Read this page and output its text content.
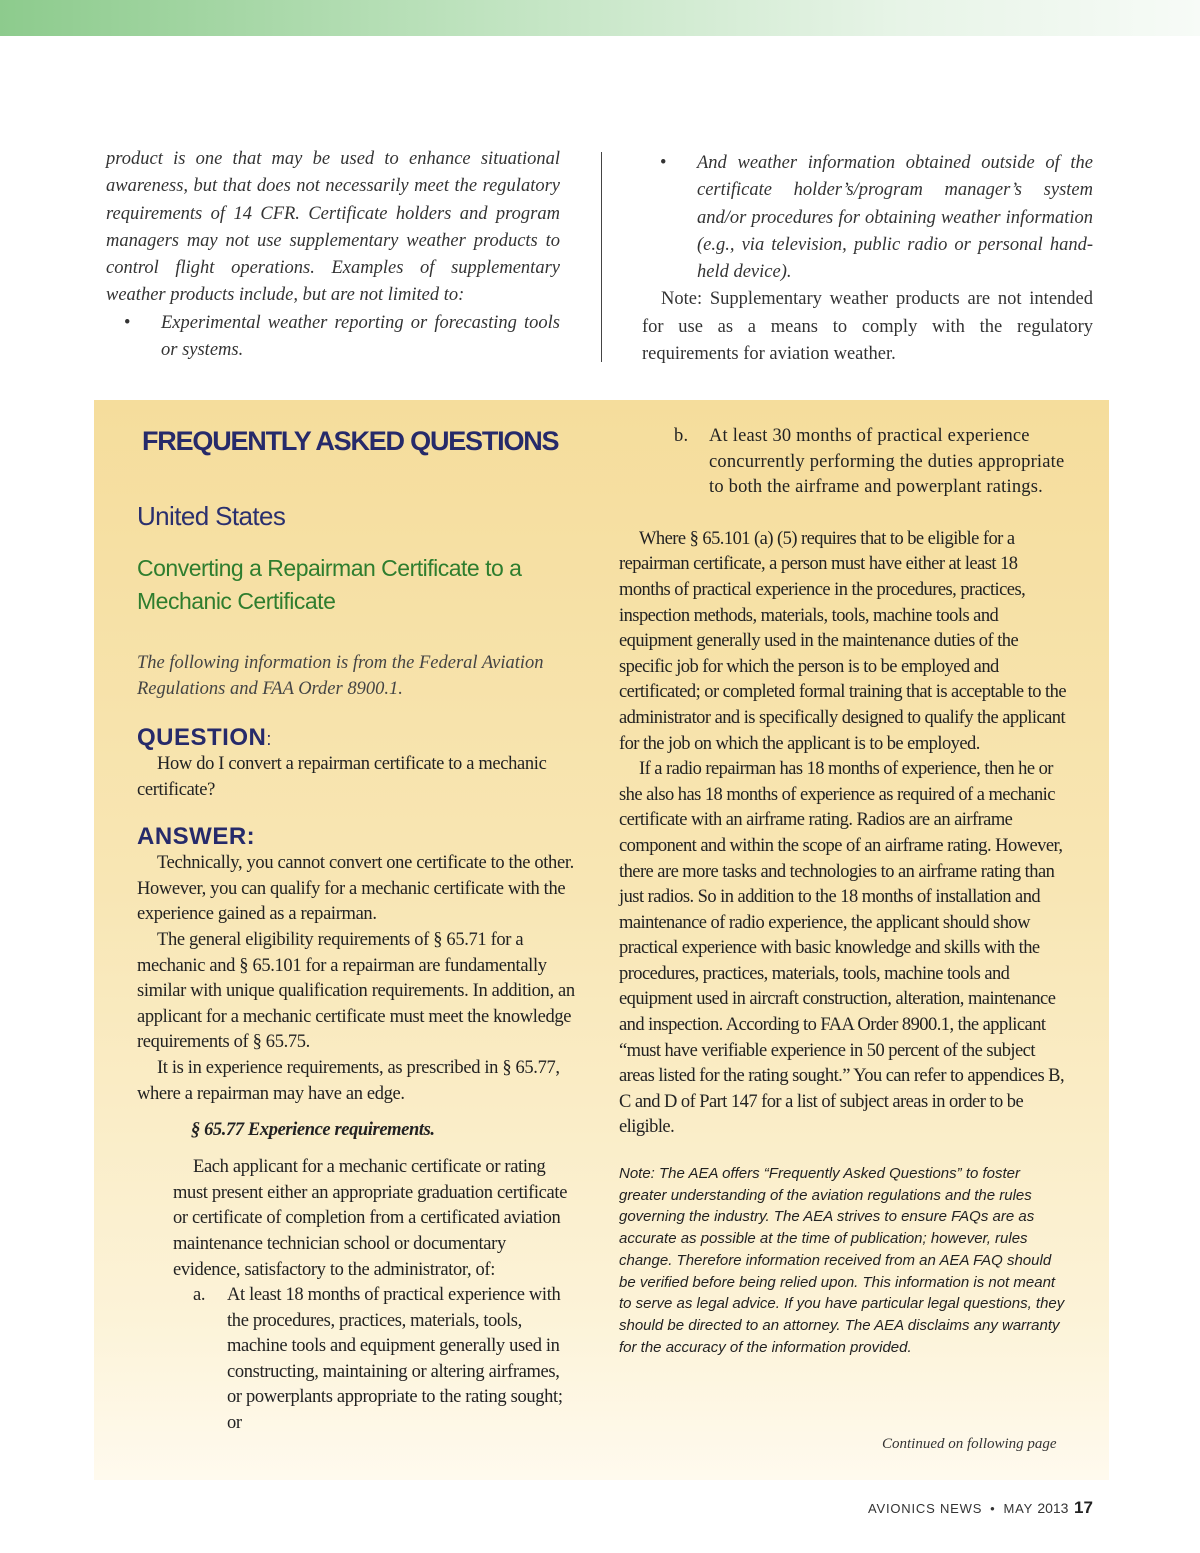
product is one that may be used to enhance situational awareness, but that does not necessarily meet the regulatory requirements of 14 CFR. Certificate holders and program managers may not use supplementary weather products to control flight operations. Examples of supplementary weather products include, but are not limited to:

• Experimental weather reporting or forecasting tools or systems.
• And weather information obtained outside of the certificate holder’s/program manager’s system and/or procedures for obtaining weather information (e.g., via television, public radio or personal hand-held device).

Note: Supplementary weather products are not intended for use as a means to comply with the regulatory requirements for aviation weather.

FREQUENTLY ASKED QUESTIONS
United States
Converting a Repairman Certificate to a Mechanic Certificate
The following information is from the Federal Aviation Regulations and FAA Order 8900.1.
QUESTION:

How do I convert a repairman certificate to a mechanic certificate?

ANSWER:

Technically, you cannot convert one certificate to the other. However, you can qualify for a mechanic certificate with the experience gained as a repairman.

The general eligibility requirements of § 65.71 for a mechanic and § 65.101 for a repairman are fundamentally similar with unique qualification requirements. In addition, an applicant for a mechanic certificate must meet the knowledge requirements of § 65.75.

It is in experience requirements, as prescribed in § 65.77, where a repairman may have an edge.

§ 65.77 Experience requirements.

Each applicant for a mechanic certificate or rating must present either an appropriate graduation certificate or certificate of completion from a certificated aviation maintenance technician school or documentary evidence, satisfactory to the administrator, of:

a. At least 18 months of practical experience with the procedures, practices, materials, tools, machine tools and equipment generally used in constructing, maintaining or altering airframes, or powerplants appropriate to the rating sought; or
b. At least 30 months of practical experience concurrently performing the duties appropriate to both the airframe and powerplant ratings.

Where § 65.101 (a) (5) requires that to be eligible for a repairman certificate, a person must have either at least 18 months of practical experience in the procedures, practices, inspection methods, materials, tools, machine tools and equipment generally used in the maintenance duties of the specific job for which the person is to be employed and certificated; or completed formal training that is acceptable to the administrator and is specifically designed to qualify the applicant for the job on which the applicant is to be employed.

If a radio repairman has 18 months of experience, then he or she also has 18 months of experience as required of a mechanic certificate with an airframe rating. Radios are an airframe component and within the scope of an airframe rating. However, there are more tasks and technologies to an airframe rating than just radios. So in addition to the 18 months of installation and maintenance of radio experience, the applicant should show practical experience with basic knowledge and skills with the procedures, practices, materials, tools, machine tools and equipment used in aircraft construction, alteration, maintenance and inspection. According to FAA Order 8900.1, the applicant “must have verifiable experience in 50 percent of the subject areas listed for the rating sought.” You can refer to appendices B, C and D of Part 147 for a list of subject areas in order to be eligible.

Note: The AEA offers “Frequently Asked Questions” to foster greater understanding of the aviation regulations and the rules governing the industry. The AEA strives to ensure FAQs are as accurate as possible at the time of publication; however, rules change. Therefore information received from an AEA FAQ should be verified before being relied upon. This information is not meant to serve as legal advice. If you have particular legal questions, they should be directed to an attorney. The AEA disclaims any warranty for the accuracy of the information provided.
Continued on following page
AVIONICS NEWS • MAY 2013 17
